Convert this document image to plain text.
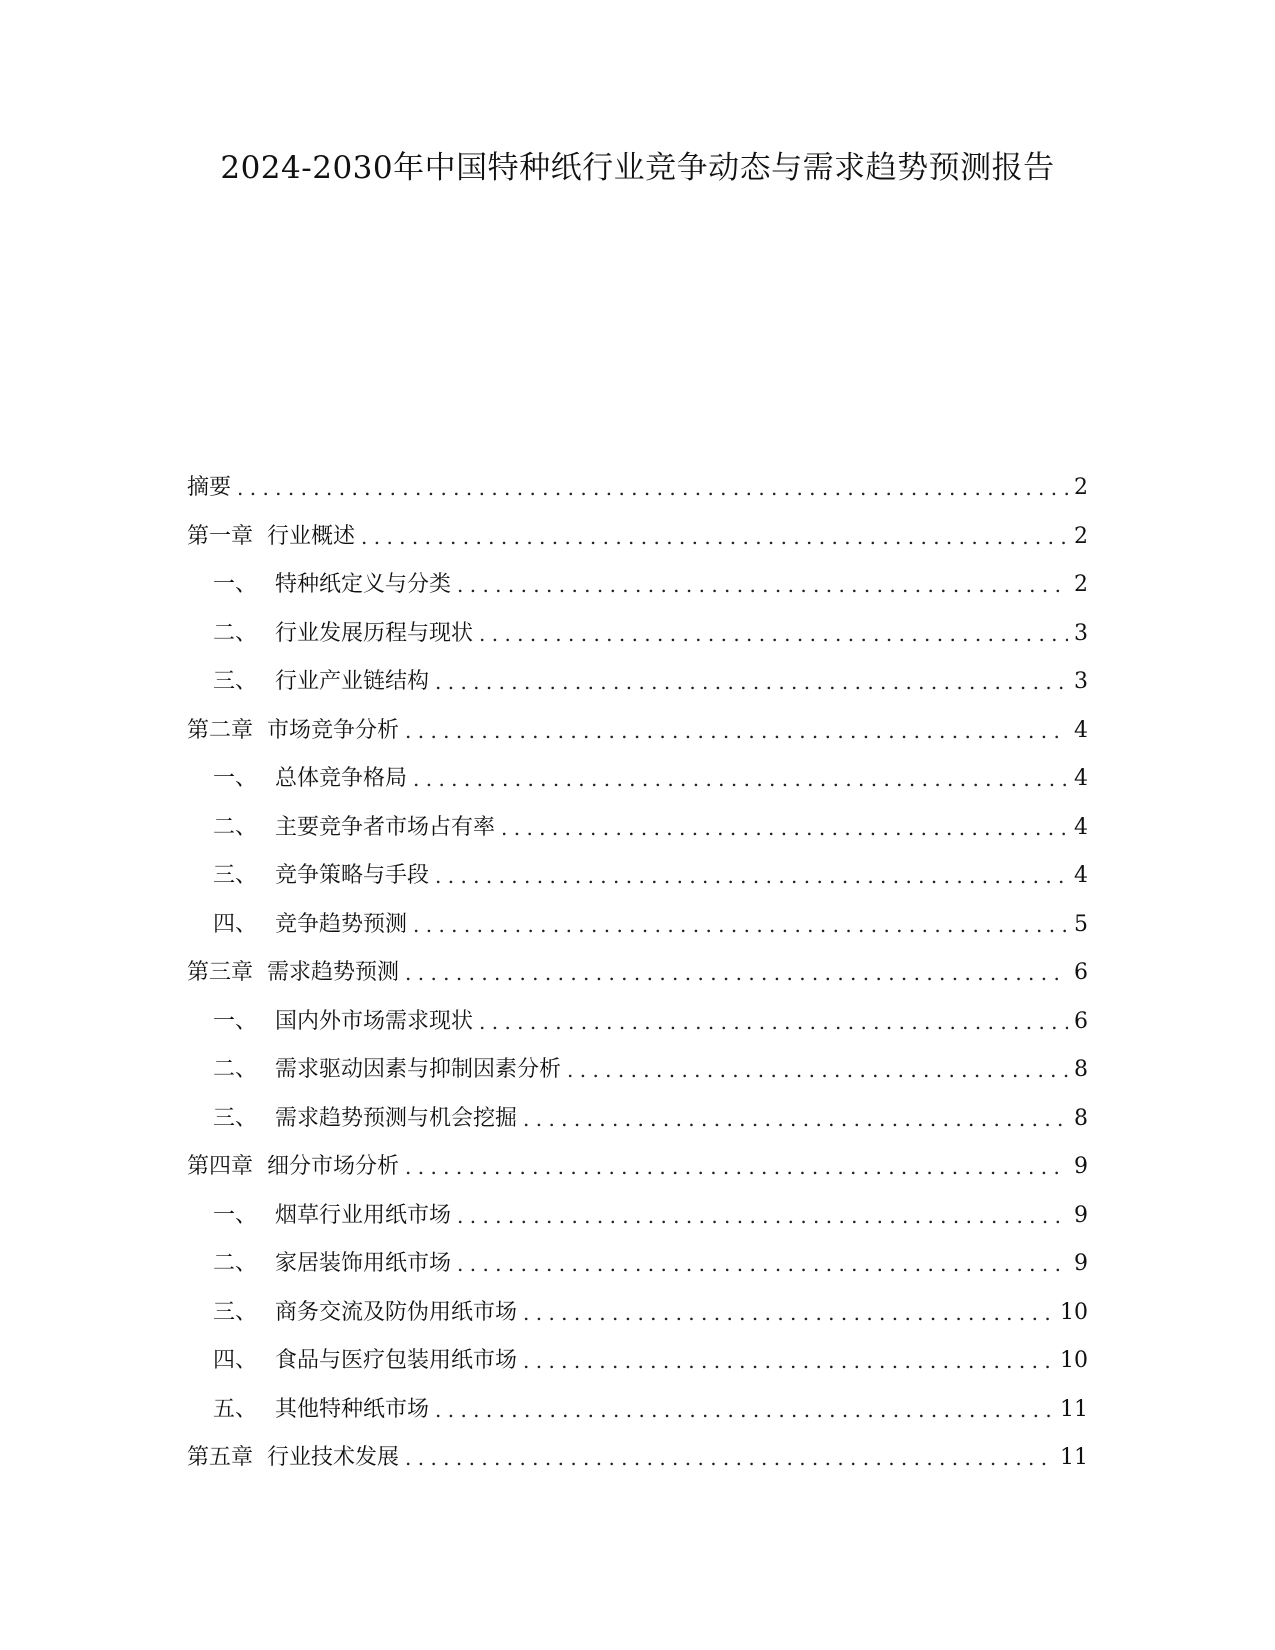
2024-2030年中国特种纸行业竞争动态与需求趋势预测报告
摘要 . . .	2
第一章 行业概述 . . .	2
一、 特种纸定义与分类 . . .	2
二、 行业发展历程与现状 . . .	3
三、 行业产业链结构 . . .	3
第二章 市场竞争分析 . . .	4
一、 总体竞争格局 . . .	4
二、 主要竞争者市场占有率 . . .	4
三、 竞争策略与手段 . . .	4
四、 竞争趋势预测 . . .	5
第三章 需求趋势预测 . . .	6
一、 国内外市场需求现状 . . .	6
二、 需求驱动因素与抑制因素分析 . . .	8
三、 需求趋势预测与机会挖掘 . . .	8
第四章 细分市场分析 . . .	9
一、 烟草行业用纸市场 . . .	9
二、 家居装饰用纸市场 . . .	9
三、 商务交流及防伪用纸市场 . . .	10
四、 食品与医疗包装用纸市场 . . .	10
五、 其他特种纸市场 . . .	11
第五章 行业技术发展 . . .	11
